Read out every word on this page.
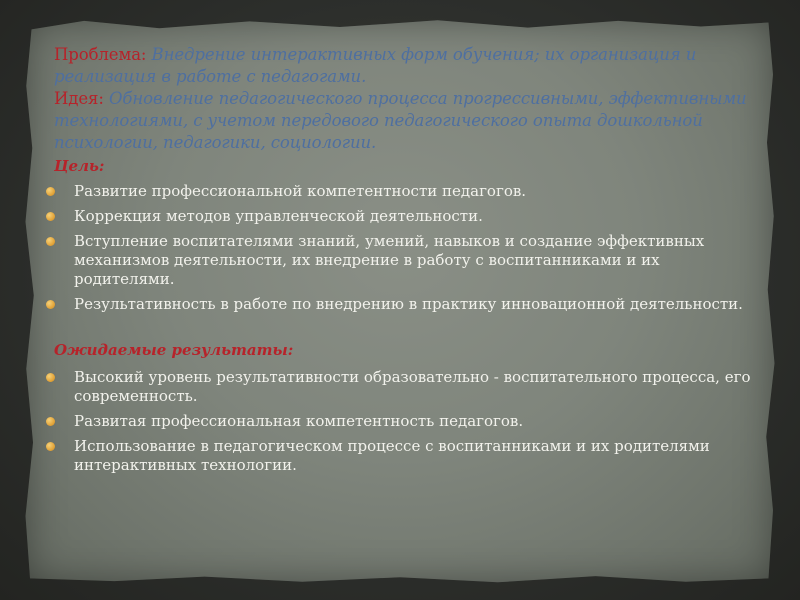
Проблема: Внедрение интерактивных форм обучения; их организация и реализация в работе с педагогами.
Идея: Обновление педагогического процесса прогрессивными, эффективными технологиями, с учетом передового педагогического опыта дошкольной психологии, педагогики, социологии.
Цель:
Развитие профессиональной компетентности педагогов.
Коррекция методов управленческой деятельности.
Вступление воспитателями знаний, умений, навыков и создание эффективных механизмов деятельности, их внедрение в работу с воспитанниками и их родителями.
Результативность в работе по внедрению в практику инновационной деятельности.
Ожидаемые результаты:
Высокий уровень результативности образовательно - воспитательного процесса, его современность.
Развитая профессиональная компетентность педагогов.
Использование в педагогическом процессе с воспитанниками и их родителями интерактивных технологии.
